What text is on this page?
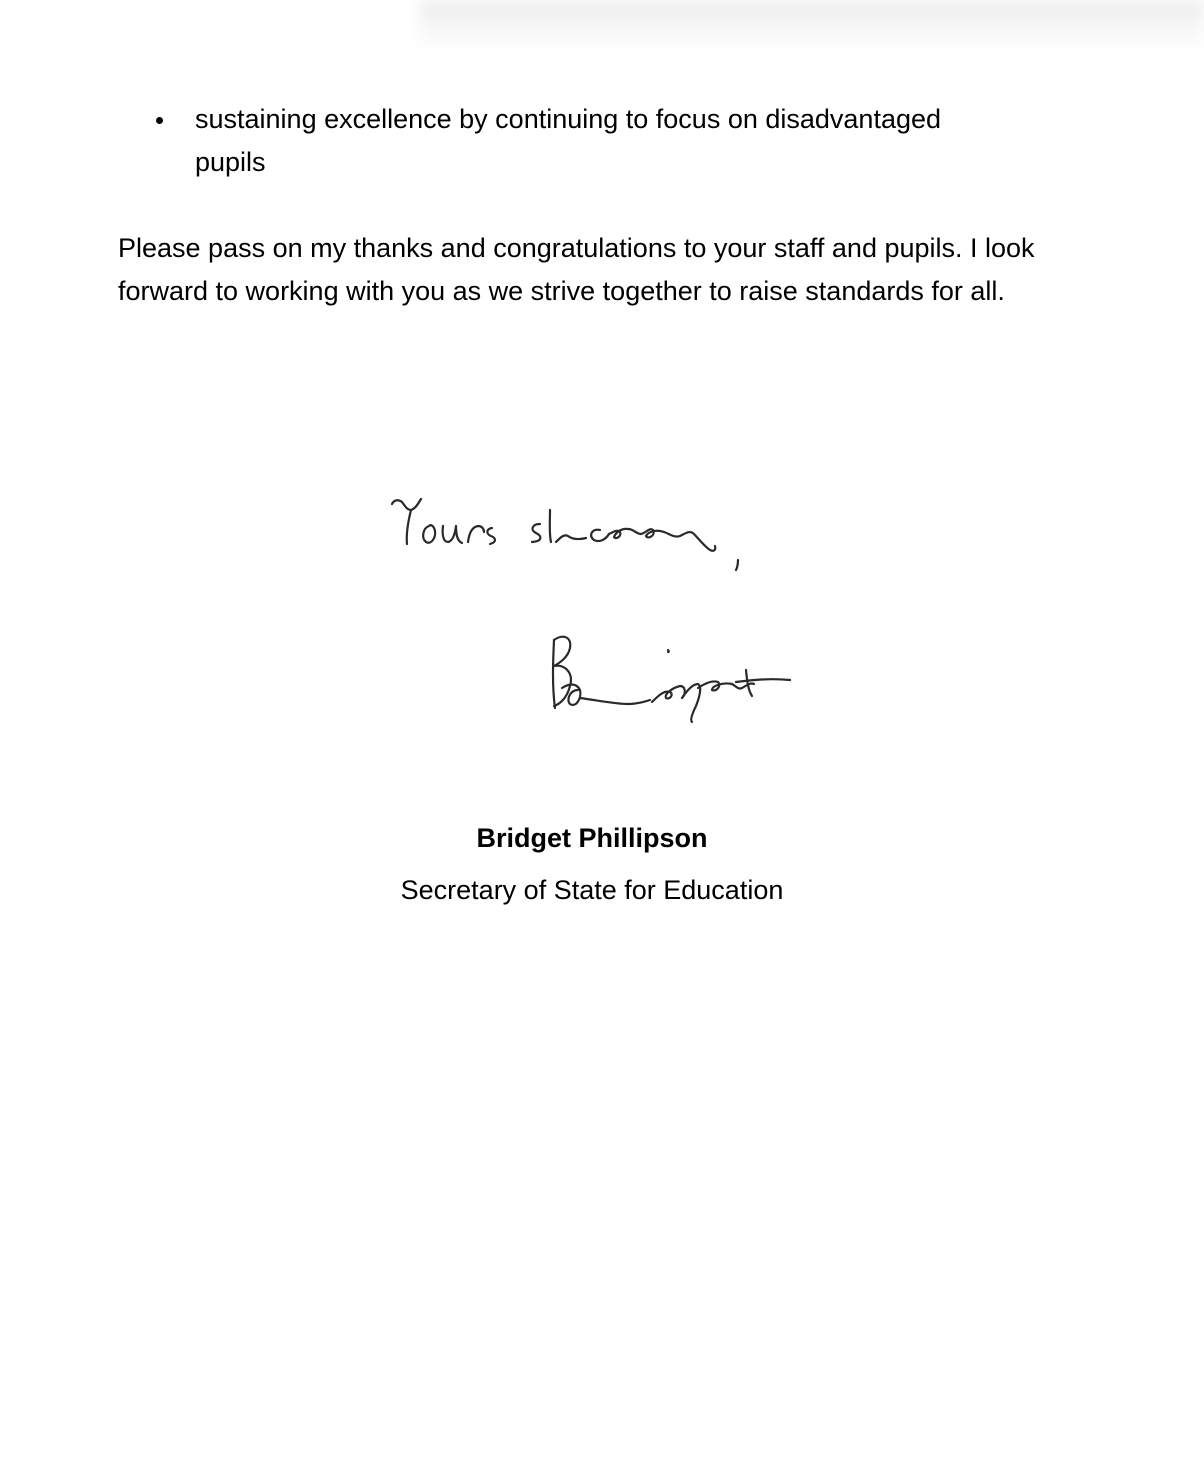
sustaining excellence by continuing to focus on disadvantaged pupils

Please pass on my thanks and congratulations to your staff and pupils. I look forward to working with you as we strive together to raise standards for all.

Bridget Phillipson
Secretary of State for Education
